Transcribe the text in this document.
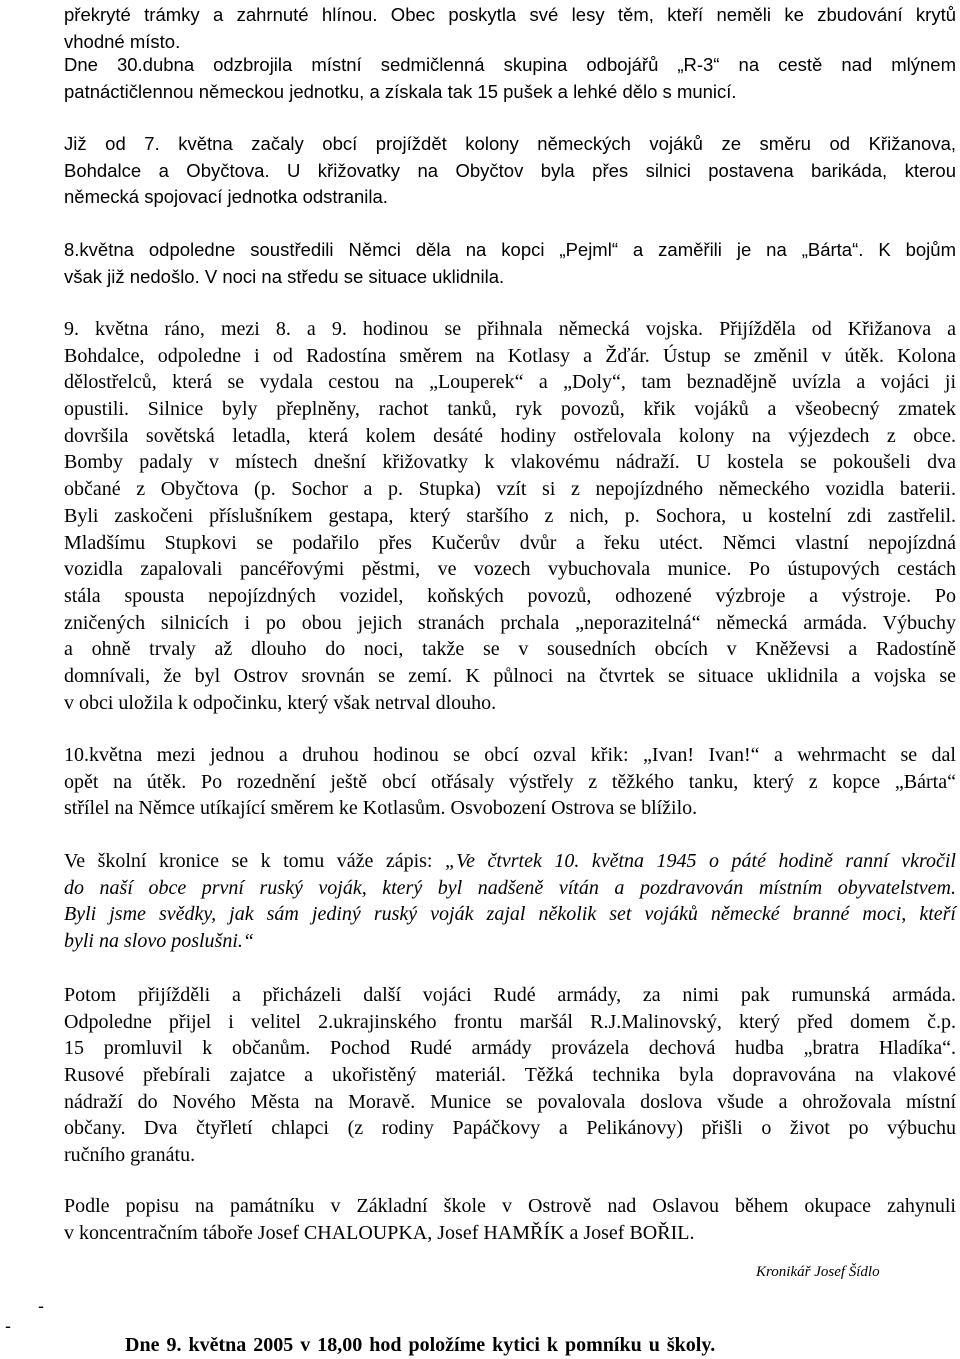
překryté trámky a zahrnuté hlínou. Obec poskytla své lesy těm, kteří neměli ke zbudování krytů
vhodné místo.
Dne 30.dubna odzbrojila místní sedmičlenná skupina odbojářů „R-3“ na cestě nad mlýnem
patnáctičlennou německou jednotku, a získala tak 15 pušek a lehké dělo s municí.
Již od 7. května začaly obcí projíždět kolony německých vojáků ze směru od Křižanova,
Bohdalce a Obyčtova. U křižovatky na Obyčtov byla přes silnici postavena barikáda, kterou
německá spojovací jednotka odstranila.
8.května odpoledne soustředili Němci děla na kopci „Pejml“ a zaměřili je na „Bárta“. K bojům
však již nedošlo. V noci na středu se situace uklidnila.
9. května ráno, mezi 8. a 9. hodinou se přihnala německá vojska. Přijížděla od Křižanova a
Bohdalce, odpoledne i od Radostína směrem na Kotlasy a Žďár. Ústup se změnil v útěk. Kolona
dělostřelců, která se vydala cestou na „Louperek“ a „Doly“, tam beznadějně uvízla a vojáci ji
opustili. Silnice byly přeplněny, rachot tanků, ryk povozů, křik vojáků a všeobecný zmatek
dovršila sovětská letadla, která kolem desáté hodiny ostřelovala kolony na výjezdech z obce.
Bomby padaly v místech dnešní křižovatky k vlakovému nádraží. U kostela se pokoušeli dva
občané z Obyčtova (p. Sochor a p. Stupka) vzít si z nepojízdného německého vozidla baterii.
Byli zaskočeni příslušníkem gestapa, který staršího z nich, p. Sochora, u kostelní zdi zastřelil.
Mladšímu Stupkovi se podařilo přes Kučerův dvůr a řeku utéct. Němci vlastní nepojízdná
vozidla zapalovali pancéřovými pěstmi, ve vozech vybuchovala munice. Po ústupových cestách
stála spousta nepojízdných vozidel, koňských povozů, odhozené výzbroje a výstroje. Po
zničených silnicích i po obou jejich stranách prchala „neporazitelná“ německá armáda. Výbuchy
a ohně trvaly až dlouho do noci, takže se v sousedních obcích v Kněževsi a Radostíně
domnívali, že byl Ostrov srovnán se zemí. K půlnoci na čtvrtek se situace uklidnila a vojska se
v obci uložila k odpočinku, který však netrval dlouho.
10.května mezi jednou a druhou hodinou se obcí ozval křik: „Ivan! Ivan!“ a wehrmacht se dal
opět na útěk. Po rozednění ještě obcí otřásaly výstřely z těžkého tanku, který z kopce „Bárta“
střílel na Němce utíkající směrem ke Kotlasům. Osvobození Ostrova se blížilo.
Ve školní kronice se k tomu váže zápis: „Ve čtvrtek 10. května 1945 o páté hodině ranní vkročil
do naší obce první ruský voják, který byl nadšeně vítán a pozdravován místním obyvatelstvem.
Byli jsme svědky, jak sám jediný ruský voják zajal několik set vojáků německé branné moci, kteří
byli na slovo poslušni.“
Potom přijížděli a přicházeli další vojáci Rudé armády, za nimi pak rumunská armáda.
Odpoledne přijel i velitel 2.ukrajinského frontu maršál R.J.Malinovský, který před domem č.p.
15 promluvil k občanům. Pochod Rudé armády provázela dechová hudba „bratra Hladíka“.
Rusové přebírali zajatce a ukořistěný materiál. Těžká technika byla dopravována na vlakové
nádraží do Nového Města na Moravě. Munice se povalovala doslova všude a ohrožovala místní
občany. Dva čtyřletí chlapci (z rodiny Papáčkovy a Pelikánovy) přišli o život po výbuchu
ručního granátu.
Podle popisu na památníku v Základní škole v Ostrově nad Oslavou během okupace zahynuli
v koncentračním táboře Josef CHALOUPKA, Josef HAMŘÍK a Josef BOŘIL.
Kronikář Josef Šídlo
-
-
Dne 9. května 2005 v 18,00 hod položíme kytici k pomníku u školy.
